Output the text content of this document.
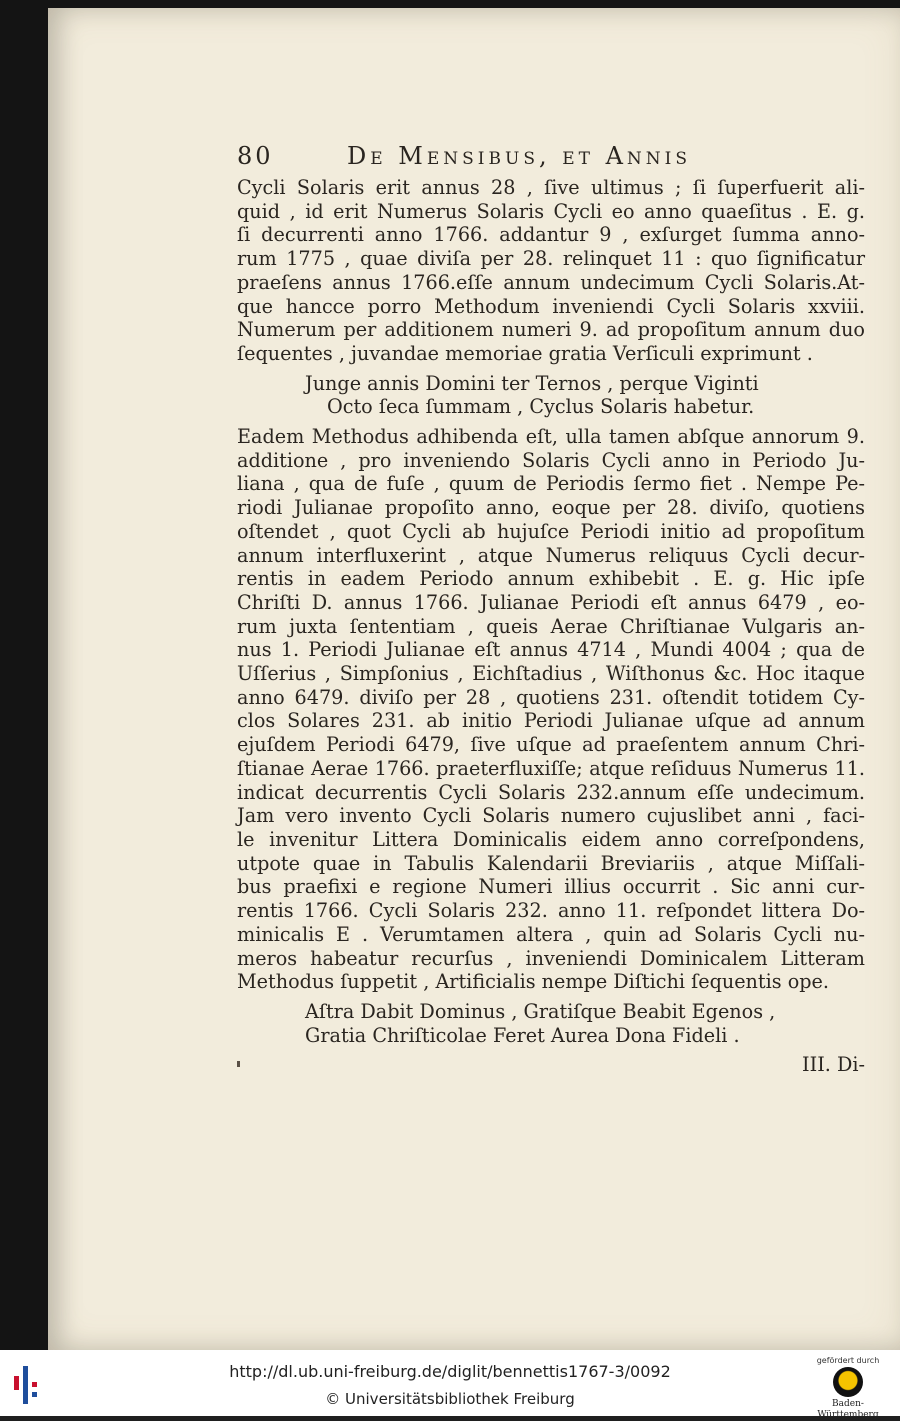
80	De Mensibus, et Annis

Cycli Solaris erit annus 28 , ſive ultimus ; ſi ſuperfuerit ali-

quid , id erit Numerus Solaris Cycli eo anno quaeſitus . E. g.

ſi decurrenti anno 1766. addantur 9 , exſurget ſumma anno-

rum 1775 , quae diviſa per 28. relinquet 11 : quo ſignificatur

praeſens annus 1766.eſſe annum undecimum Cycli Solaris.At-

que hancce porro Methodum inveniendi Cycli Solaris xxviii.

Numerum per additionem numeri 9. ad propoſitum annum duo

ſequentes , juvandae memoriae gratia Verſiculi exprimunt .

Junge annis Domini ter Ternos , perque Viginti

Octo ſeca ſummam , Cyclus Solaris habetur.

Eadem Methodus adhibenda eſt, ulla tamen abſque annorum 9.

additione , pro inveniendo Solaris Cycli anno in Periodo Ju-

liana , qua de fuſe , quum de Periodis ſermo fiet . Nempe Pe-

riodi Julianae propoſito anno, eoque per 28. diviſo, quotiens

oſtendet , quot Cycli ab hujuſce Periodi initio ad propoſitum

annum interfluxerint , atque Numerus reliquus Cycli decur-

rentis in eadem Periodo annum exhibebit . E. g. Hic ipſe

Chriſti D. annus 1766. Julianae Periodi eſt annus 6479 , eo-

rum juxta ſententiam , queis Aerae Chriſtianae Vulgaris an-

nus 1. Periodi Julianae eſt annus 4714 , Mundi 4004 ; qua de

Uſſerius , Simpſonius , Eichſtadius , Wiſthonus &c. Hoc itaque

anno 6479. diviſo per 28 , quotiens 231. oſtendit totidem Cy-

clos Solares 231. ab initio Periodi Julianae uſque ad annum

ejuſdem Periodi 6479, ſive uſque ad praeſentem annum Chri-

ſtianae Aerae 1766. praeterfluxiſſe; atque reſiduus Numerus 11.

indicat decurrentis Cycli Solaris 232.annum eſſe undecimum.

Jam vero invento Cycli Solaris numero cujuslibet anni , faci-

le invenitur Littera Dominicalis eidem anno correſpondens,

utpote quae in Tabulis Kalendarii Breviariis , atque Miſſali-

bus praefixi e regione Numeri illius occurrit . Sic anni cur-

rentis 1766. Cycli Solaris 232. anno 11. reſpondet littera Do-

minicalis E . Verumtamen altera , quin ad Solaris Cycli nu-

meros habeatur recurſus , inveniendi Dominicalem Litteram

Methodus ſuppetit , Artificialis nempe Diſtichi ſequentis ope.

Aſtra Dabit Dominus , Gratiſque Beabit Egenos ,

Gratia Chriſticolae Feret Aurea Dona Fideli .

III. Di-
http://dl.ub.uni-freiburg.de/diglit/bennettis1767-3/0092
© Universitätsbibliothek Freiburg
gefördert durch
Baden-Württemberg
